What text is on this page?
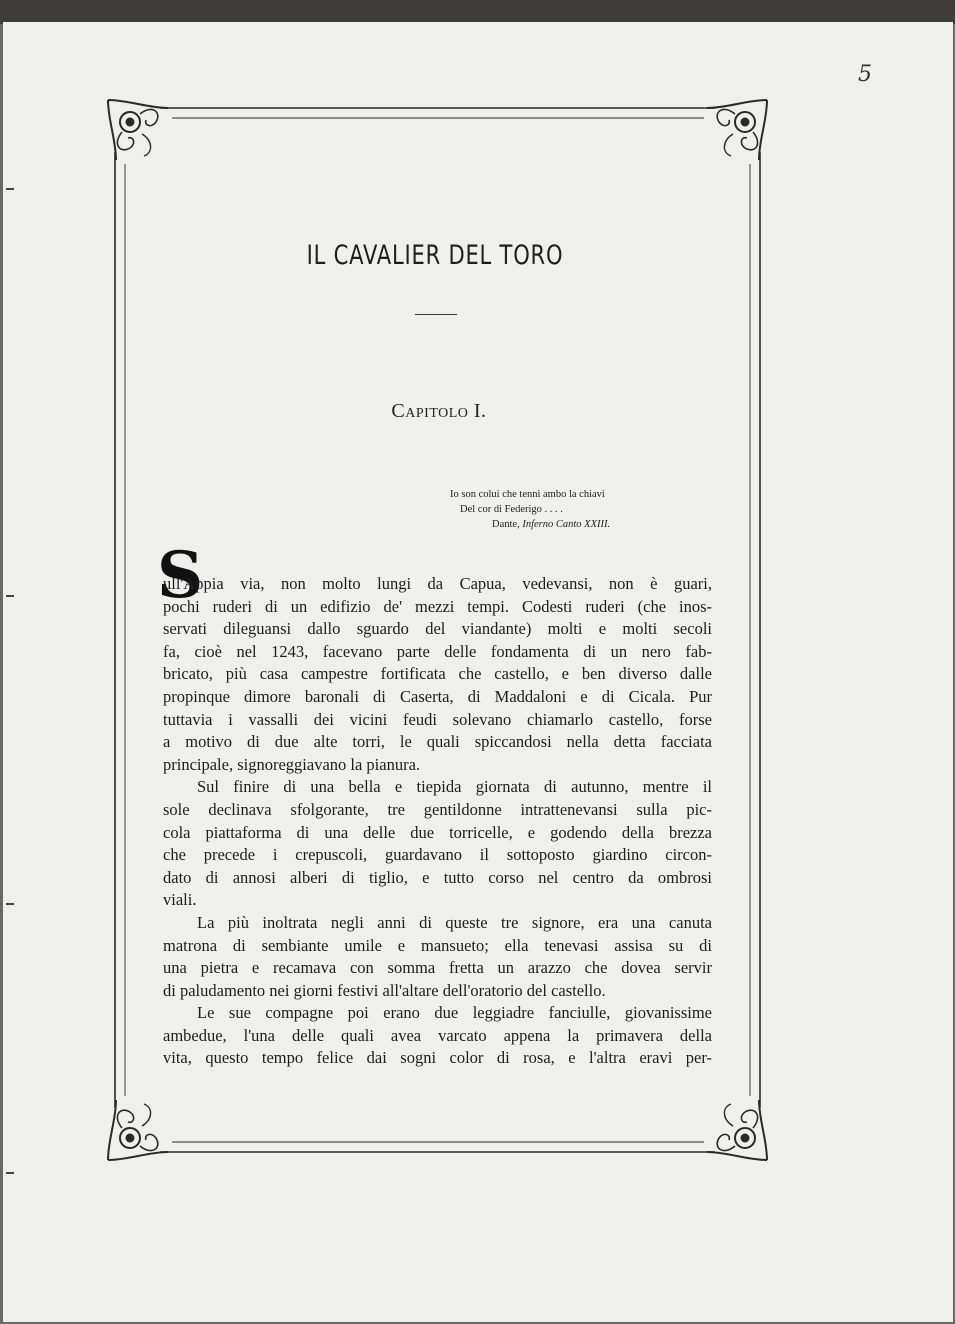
5
IL CAVALIER DEL TORO
Capitolo I.
Io son colui che tenni ambo la chiavi
Del cor di Federigo . . . .
Dante, Inferno Canto XXIII.
S
ull'Appia via, non molto lungi da Capua, vedevansi, non è guari,
pochi ruderi di un edifizio de' mezzi tempi. Codesti ruderi (che inos-
servati dileguansi dallo sguardo del viandante) molti e molti secoli
fa, cioè nel 1243, facevano parte delle fondamenta di un nero fab-
bricato, più casa campestre fortificata che castello, e ben diverso dalle
propinque dimore baronali di Caserta, di Maddaloni e di Cicala. Pur
tuttavia i vassalli dei vicini feudi solevano chiamarlo castello, forse
a motivo di due alte torri, le quali spiccandosi nella detta facciata
principale, signoreggiavano la pianura.
Sul finire di una bella e tiepida giornata di autunno, mentre il
sole declinava sfolgorante, tre gentildonne intrattenevansi sulla pic-
cola piattaforma di una delle due torricelle, e godendo della brezza
che precede i crepuscoli, guardavano il sottoposto giardino circon-
dato di annosi alberi di tiglio, e tutto corso nel centro da ombrosi
viali.
La più inoltrata negli anni di queste tre signore, era una canuta
matrona di sembiante umile e mansueto; ella tenevasi assisa su di
una pietra e recamava con somma fretta un arazzo che dovea servir
di paludamento nei giorni festivi all'altare dell'oratorio del castello.
Le sue compagne poi erano due leggiadre fanciulle, giovanissime
ambedue, l'una delle quali avea varcato appena la primavera della
vita, questo tempo felice dai sogni color di rosa, e l'altra eravi per-
